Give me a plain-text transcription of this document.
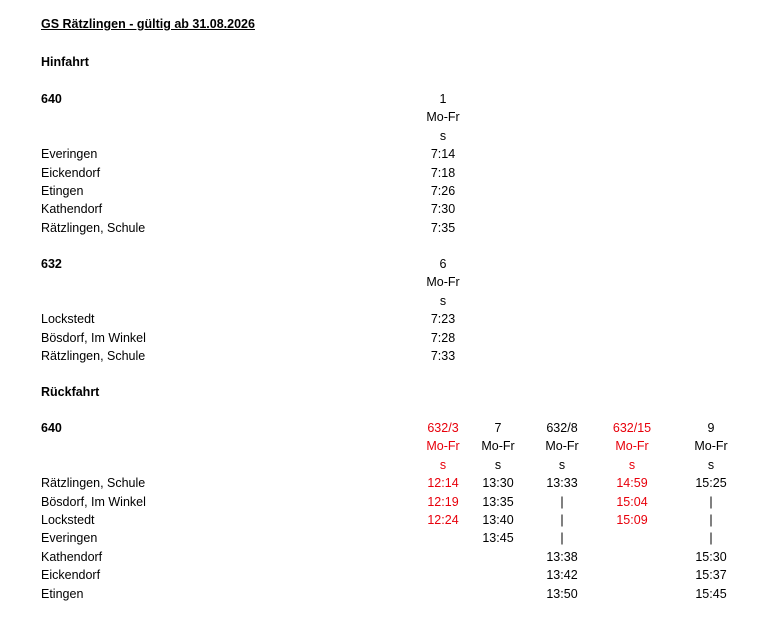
GS Rätzlingen - gültig ab 31.08.2026
Hinfahrt
Rückfahrt
640	1
Mo-Fr
s
7:14
7:18
7:26
7:30
7:35
Everingen
Eickendorf
Etingen
Kathendorf
Rätzlingen, Schule
632	6
Mo-Fr
s
7:23
7:28
7:33
Lockstedt
Bösdorf, Im Winkel
Rätzlingen, Schule
640
Rätzlingen, Schule
Bösdorf, Im Winkel
Lockstedt
Everingen
Kathendorf
Eickendorf
Etingen
632/3
Mo-Fr
s
12:14
12:19
12:24
7
Mo-Fr
s
13:30
13:35
13:40
13:45
632/8
Mo-Fr
s
13:33
|
|
|
13:38
13:42
13:50
632/15
Mo-Fr
s
14:59
15:04
15:09
9
Mo-Fr
s
15:25
|
|
|
15:30
15:37
15:45
